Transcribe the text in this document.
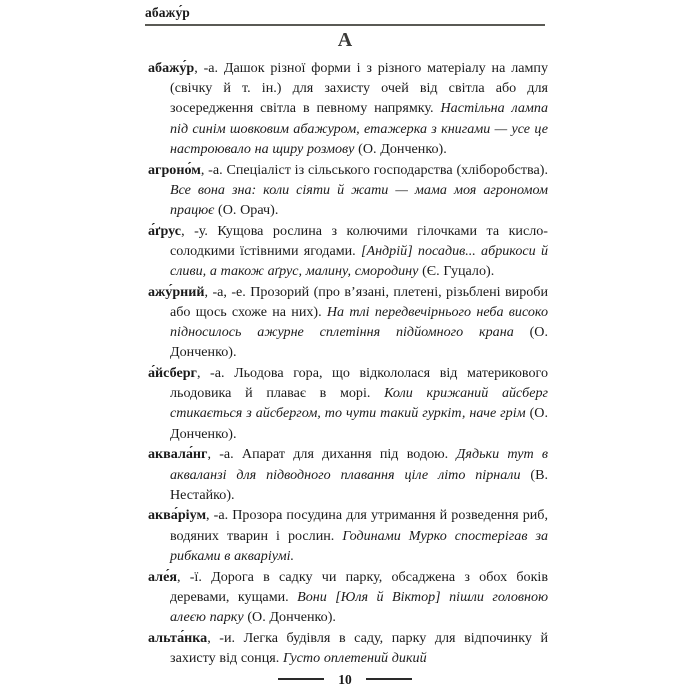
абажу́р
А

абажу́р, -а. Дашок різної форми і з різного матеріалу на лампу (свічку й т. ін.) для захисту очей від світла або для зосередження світла в певному напрямку. Настільна лампа під синім шовковим абажуром, етажерка з книгами — усе це настроювало на щиру розмову (О. Донченко).

агроно́м, -а. Спеціаліст із сільського господарства (хліборобства). Все вона зна: коли сіяти й жати — мама моя агрономом працює (О. Орач).

а́ґрус, -у. Кущова рослина з колючими гілочками та кисло-солодкими їстівними ягодами. [Андрій] посадив... абрикоси й сливи, а також аґрус, малину, смородину (Є. Гуцало).

ажу́рний, -а, -е. Прозорий (про в’язані, плетені, різьблені вироби або щось схоже на них). На тлі передвечірнього неба високо підносилось ажурне сплетіння підйомного крана (О. Донченко).

а́йсберг, -а. Льодова гора, що відкололася від материкового льодовика й плаває в морі. Коли крижаний айсберг стикається з айсбергом, то чути такий гуркіт, наче грім (О. Донченко).

аквала́нг, -а. Апарат для дихання під водою. Дядьки тут в акваланзі для підводного плавання ціле літо пірнали (В. Нестайко).

аква́ріум, -а. Прозора посудина для утримання й розведення риб, водяних тварин і рослин. Годинами Мурко спостерігав за рибками в акваріумі.

але́я, -ї. Дорога в садку чи парку, обсаджена з обох боків деревами, кущами. Вони [Юля й Віктор] пішли головною алеєю парку (О. Донченко).

альта́нка, -и. Легка будівля в саду, парку для відпочинку й захисту від сонця. Густо оплетений дикий

10
